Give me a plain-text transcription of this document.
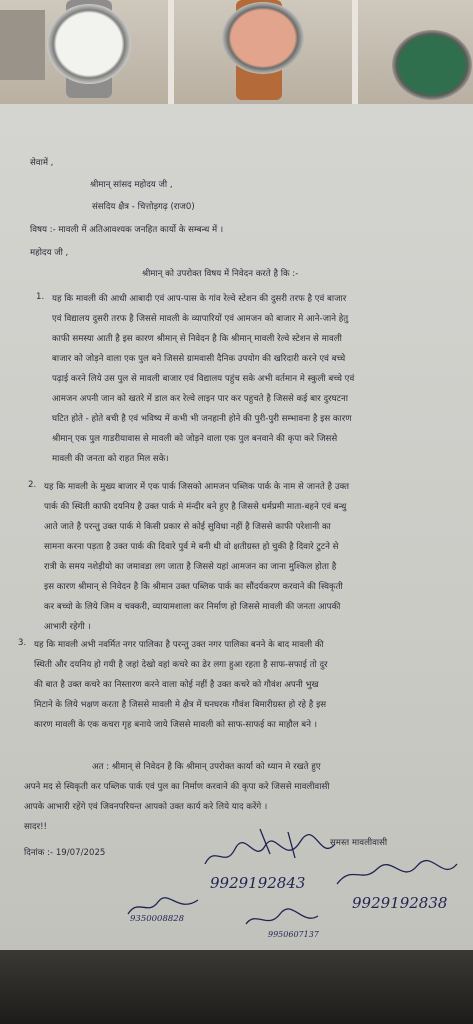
सेवामें ,
श्रीमान् सांसद महोदय जी ,
संसदिय क्षैत्र - चित्तोड़गढ़ (राज0)
विषय :- मावली में अतिआवश्यक जनहित कार्यो के सम्बन्ध में ।
महोदय जी ,
श्रीमान् को उपरोक्त विषय में निवेदन करते है कि :-
1. यह कि मावली की आधी आबादी एवं आप-पास के गांव रेल्वे स्टेशन की दुसरी तरफ है एवं बाजार
एवं विद्यालय दुसरी तरफ है जिससे मावली के व्यापारियों एवं आमजन को बाजार मे आने-जाने हेतु
काफी समस्या आती है इस कारण श्रीमान् से निवेदन है कि श्रीमान् मावली रेल्वे स्टेशन से मावली
बाजार को जोड़ने वाला एक पुल बने जिससे ग्रामवासी दैनिक उपयोग की खरिदारी करने एवं बच्चे
पढ़ाई करने लिये उस पुल से मावली बाजार एवं विद्यालय पहुंच सके अभी वर्तमान मे स्कुली बच्चे एवं
आमजन अपनी जान को खतरे में डाल कर रेल्वे लाइन पार कर पहुचते है जिससे कई बार दुरघटना
घटित होते - होते बची है एवं भविष्य में कभी भी जनहानी होने की पुरी-पुरी सम्भावना है इस कारण
श्रीमान् एक पुल गाडरीयावास से मावली को जोड़ने वाला एक पुल बनवाने की कृपा करे जिससे
मावली की जनता को राहत मिल सके।
2. यह कि मावली के मुख्य बाजार में एक पार्क जिसको आमजन पब्लिक पार्क के नाम से जानते है उक्त
पार्क की स्थिती काफी दयनिय है उक्त पार्क मे मंन्दीर बने हुए है जिससे धर्मप्रमी माता-बहने एवं बन्धु
आते जाते है परन्तु उक्त पार्क मे किसी प्रकार से कोई सुविधा नहीं है जिससे काफी परेशानी का
सामना करना पड़ता है उक्त पार्क की दिवारे पुर्व मे बनी थी वो क्षतीग्रस्त हो चुकी है दिवारे टुटने से
रात्री के समय नशेड़ीयो का जमावडा लग जाता है जिससे यहां आमजन का जाना मुश्किल होता है
इस कारण श्रीमान् से निवेदन है कि श्रीमान उक्त पब्लिक पार्क का सौंदर्यकरण करवाने की स्विकृती
कर बच्चो के लिये जिम व चक्करी, व्यायामशाला कर निर्माण हो जिससे मावली की जनता आपकी
आभारी रहेगी ।
3. यह कि मावली अभी नवर्मित नगर पालिका है परन्तु उक्त नगर पालिका बनने के बाद मावली की
स्थिती और दयनिय हो गयी है जहां देखो वहां कचरे का ढेर लगा हुआ रहता है साफ-सफाई तो दुर
की बात है उक्त कचरे का निस्तारण करने वाला कोई नहीं है उक्त कचरे को गौवंश अपनी भुख
मिटाने के लिये भक्षण करता है जिससे मावली मे क्षैत्र में घनघरक गौवंश बिमारीग्रस्त हो रहे है इस
कारण मावली के एक कचरा गृह बनाये जाये जिससे मावली को साफ-साफई का माहौल बने ।
अत : श्रीमान् से निवेदन है कि श्रीमान् उपरोक्त कार्या को ध्यान मे रखते हुए
अपने मद से स्विकृती कर पब्लिक पार्क एवं पुल का निर्माण करवाने की कृपा करे जिससे मावलीवासी
आपके आभारी रहेंगे एवं जिवनपरियन्त आपको उक्त कार्य करे लिये याद करेंगे ।
सादर!!
दिनांक :- 19/07/2025
समस्त मावलीवासी
9929192843
9929192838
9350008828
9950607137
